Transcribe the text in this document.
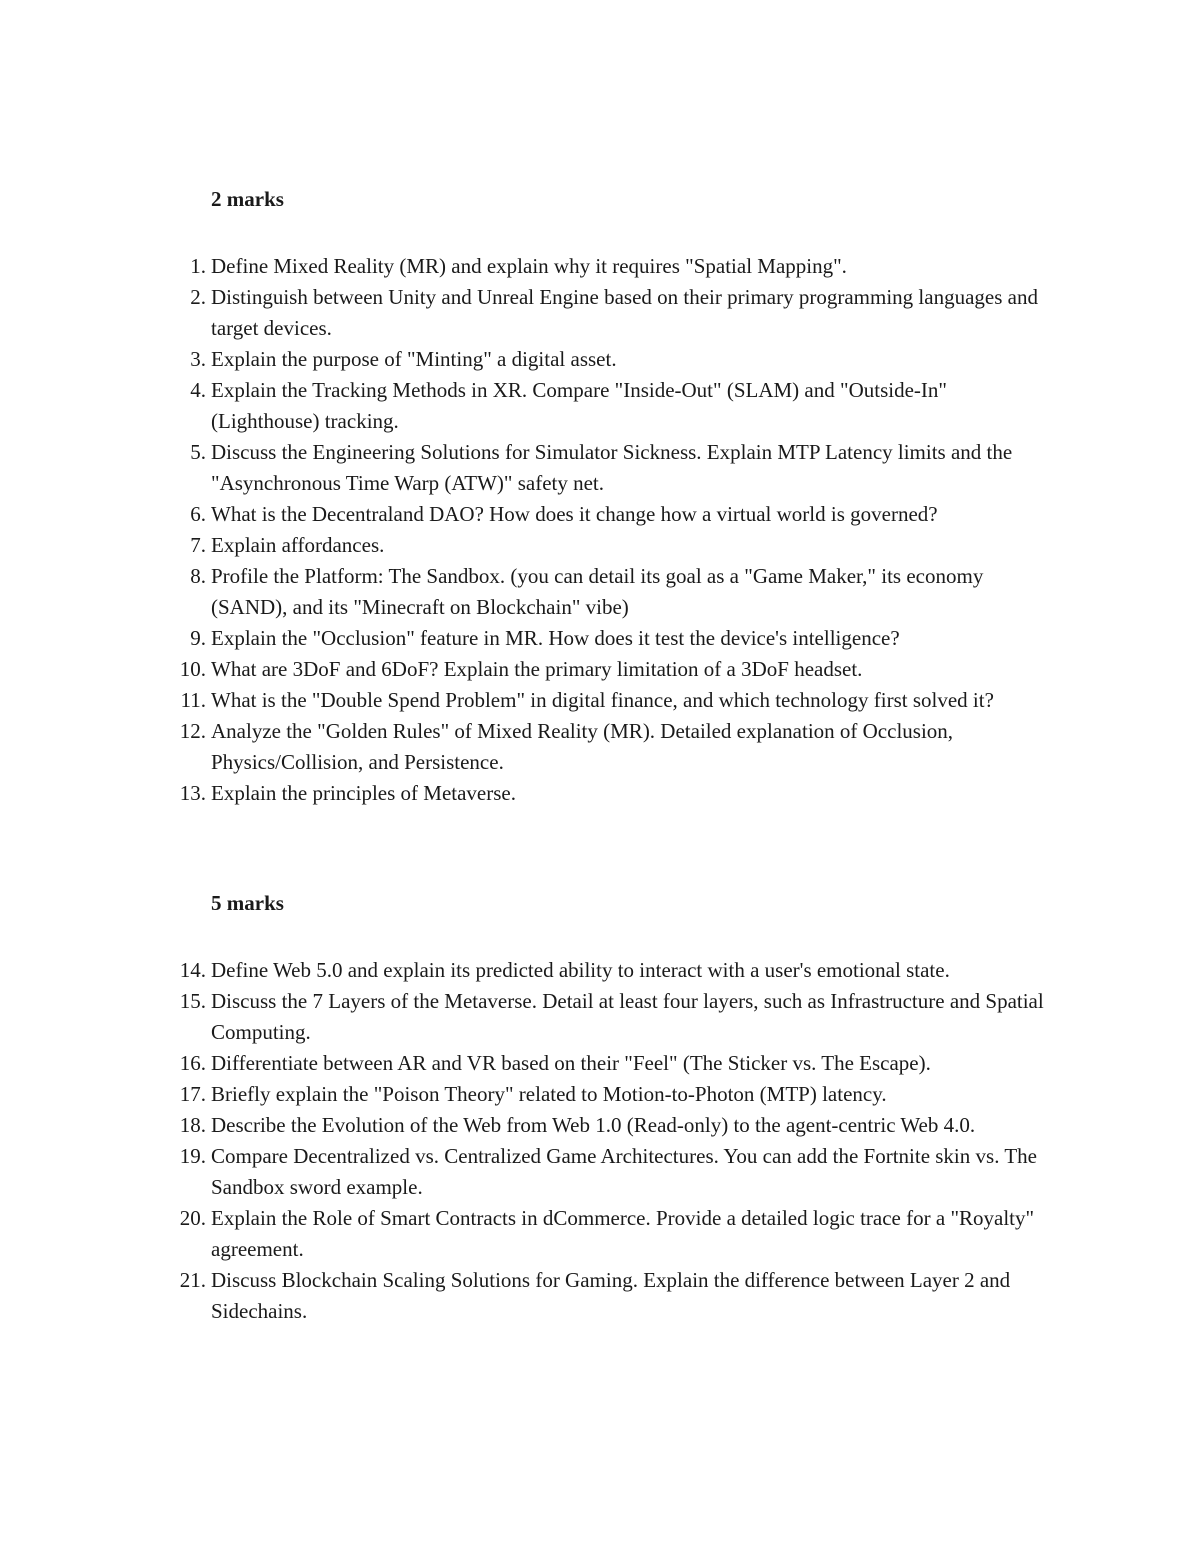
2 marks
1. Define Mixed Reality (MR) and explain why it requires "Spatial Mapping".
2. Distinguish between Unity and Unreal Engine based on their primary programming languages and target devices.
3. Explain the purpose of "Minting" a digital asset.
4. Explain the Tracking Methods in XR. Compare "Inside-Out" (SLAM) and "Outside-In" (Lighthouse) tracking.
5. Discuss the Engineering Solutions for Simulator Sickness. Explain MTP Latency limits and the "Asynchronous Time Warp (ATW)" safety net.
6. What is the Decentraland DAO? How does it change how a virtual world is governed?
7. Explain affordances.
8. Profile the Platform: The Sandbox. (you can detail its goal as a "Game Maker," its economy (SAND), and its "Minecraft on Blockchain" vibe)
9. Explain the "Occlusion" feature in MR. How does it test the device's intelligence?
10. What are 3DoF and 6DoF? Explain the primary limitation of a 3DoF headset.
11. What is the "Double Spend Problem" in digital finance, and which technology first solved it?
12. Analyze the "Golden Rules" of Mixed Reality (MR). Detailed explanation of Occlusion, Physics/Collision, and Persistence.
13. Explain the principles of Metaverse.
5 marks
14. Define Web 5.0 and explain its predicted ability to interact with a user's emotional state.
15. Discuss the 7 Layers of the Metaverse. Detail at least four layers, such as Infrastructure and Spatial Computing.
16. Differentiate between AR and VR based on their "Feel" (The Sticker vs. The Escape).
17. Briefly explain the "Poison Theory" related to Motion-to-Photon (MTP) latency.
18. Describe the Evolution of the Web from Web 1.0 (Read-only) to the agent-centric Web 4.0.
19. Compare Decentralized vs. Centralized Game Architectures. You can add the Fortnite skin vs. The Sandbox sword example.
20. Explain the Role of Smart Contracts in dCommerce. Provide a detailed logic trace for a "Royalty" agreement.
21. Discuss Blockchain Scaling Solutions for Gaming. Explain the difference between Layer 2 and Sidechains.
